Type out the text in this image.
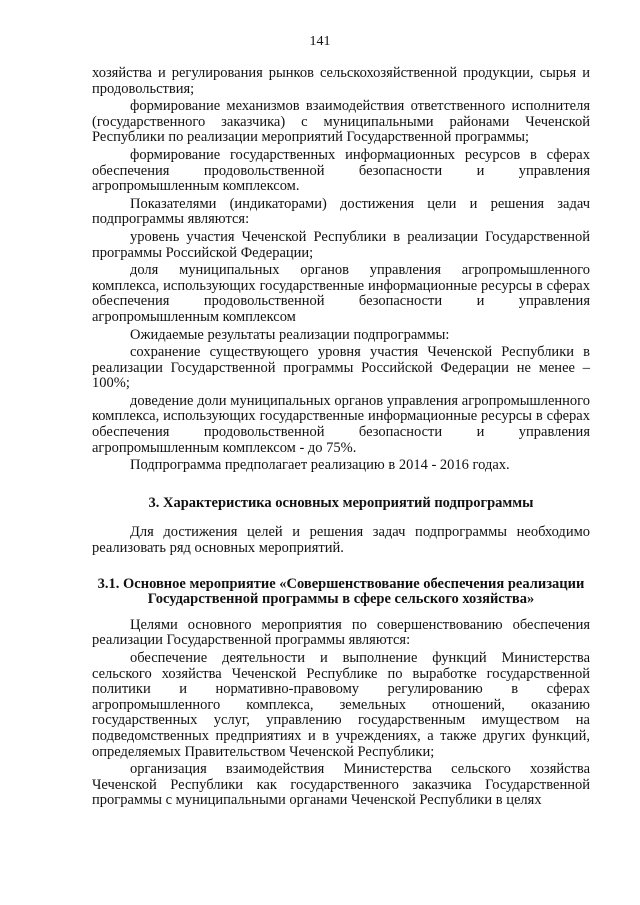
141

хозяйства и регулирования рынков сельскохозяйственной продукции, сырья и продовольствия;

формирование механизмов взаимодействия ответственного исполнителя (государственного заказчика) с муниципальными районами Чеченской Республики по реализации мероприятий Государственной программы;

формирование государственных информационных ресурсов в сферах обеспечения продовольственной безопасности и управления агропромышленным комплексом.

Показателями (индикаторами) достижения цели и решения задач подпрограммы являются:

уровень участия Чеченской Республики в реализации Государственной программы Российской Федерации;

доля муниципальных органов управления агропромышленного комплекса, использующих государственные информационные ресурсы в сферах обеспечения продовольственной безопасности и управления агропромышленным комплексом

Ожидаемые результаты реализации подпрограммы:

сохранение существующего уровня участия Чеченской Республики в реализации Государственной программы Российской Федерации не менее – 100%;

доведение доли муниципальных органов управления агропромышленного комплекса, использующих государственные информационные ресурсы в сферах обеспечения продовольственной безопасности и управления агропромышленным комплексом - до 75%.

Подпрограмма предполагает реализацию в 2014 - 2016 годах.

3. Характеристика основных мероприятий подпрограммы

Для достижения целей и решения задач подпрограммы необходимо реализовать ряд основных мероприятий.

3.1. Основное мероприятие «Совершенствование обеспечения реализации Государственной программы в сфере сельского хозяйства»

Целями основного мероприятия по совершенствованию обеспечения реализации Государственной программы являются:

обеспечение деятельности и выполнение функций Министерства сельского хозяйства Чеченской Республике по выработке государственной политики и нормативно-правовому регулированию в сферах агропромышленного комплекса, земельных отношений, оказанию государственных услуг, управлению государственным имуществом на подведомственных предприятиях и в учреждениях, а также других функций, определяемых Правительством Чеченской Республики;

организация взаимодействия Министерства сельского хозяйства Чеченской Республики как государственного заказчика Государственной программы с муниципальными органами Чеченской Республики в целях
